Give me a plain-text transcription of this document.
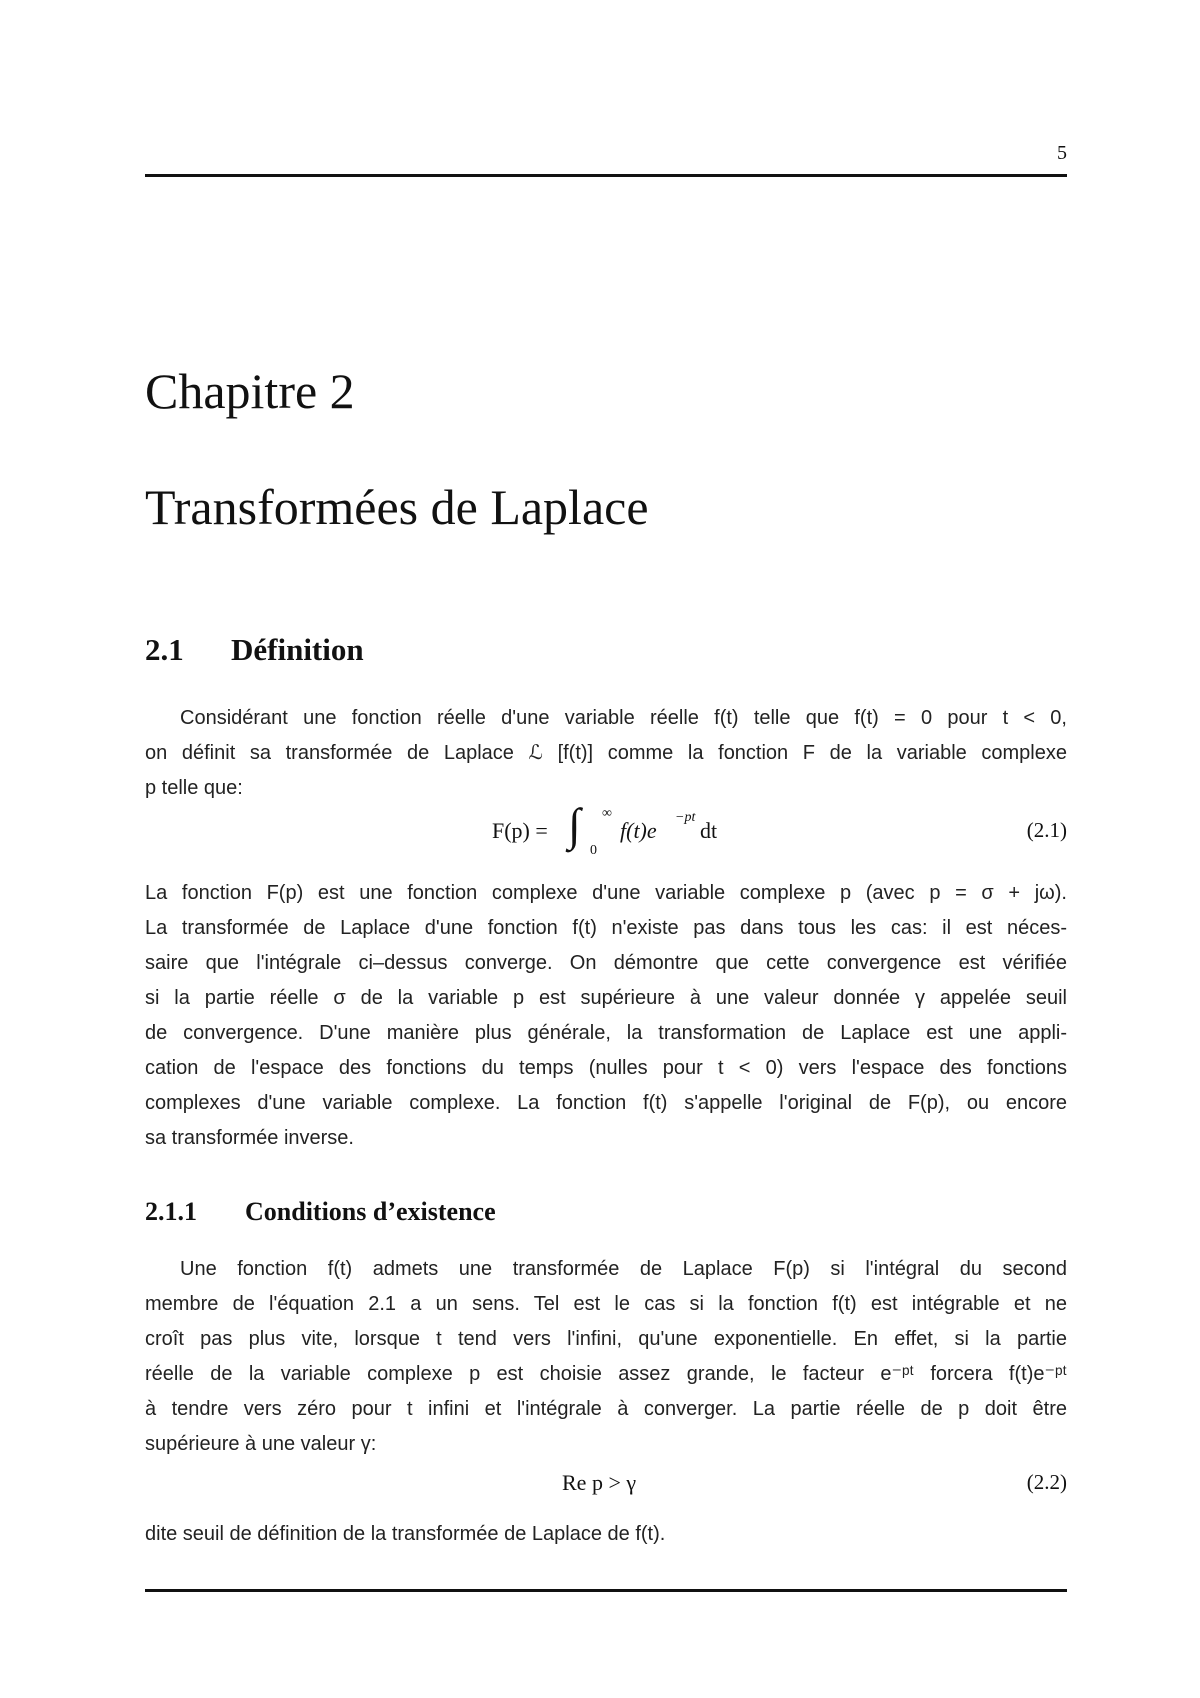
5
Chapitre 2
Transformées de Laplace
2.1 Définition
Considérant une fonction réelle d'une variable réelle f(t) telle que f(t) = 0 pour t < 0,
on définit sa transformée de Laplace ℒ [f(t)] comme la fonction F de la variable complexe
p telle que:
F(p) = ∫ ∞
0
f(t)e
−pt
dt	(2.1)
La fonction F(p) est une fonction complexe d'une variable complexe p (avec p = σ + jω).
La transformée de Laplace d'une fonction f(t) n'existe pas dans tous les cas: il est néces-
saire que l'intégrale ci–dessus converge. On démontre que cette convergence est vérifiée
si la partie réelle σ de la variable p est supérieure à une valeur donnée γ appelée seuil
de convergence. D'une manière plus générale, la transformation de Laplace est une appli-
cation de l'espace des fonctions du temps (nulles pour t < 0) vers l'espace des fonctions
complexes d'une variable complexe. La fonction f(t) s'appelle l'original de F(p), ou encore
sa transformée inverse.
2.1.1 Conditions d’existence
Une fonction f(t) admets une transformée de Laplace F(p) si l'intégral du second
membre de l'équation 2.1 a un sens. Tel est le cas si la fonction f(t) est intégrable et ne
croît pas plus vite, lorsque t tend vers l'infini, qu'une exponentielle. En effet, si la partie
réelle de la variable complexe p est choisie assez grande, le facteur e⁻ᵖᵗ forcera f(t)e⁻ᵖᵗ
à tendre vers zéro pour t infini et l'intégrale à converger. La partie réelle de p doit être
supérieure à une valeur γ:
Re p > γ	(2.2)
dite seuil de définition de la transformée de Laplace de f(t).
